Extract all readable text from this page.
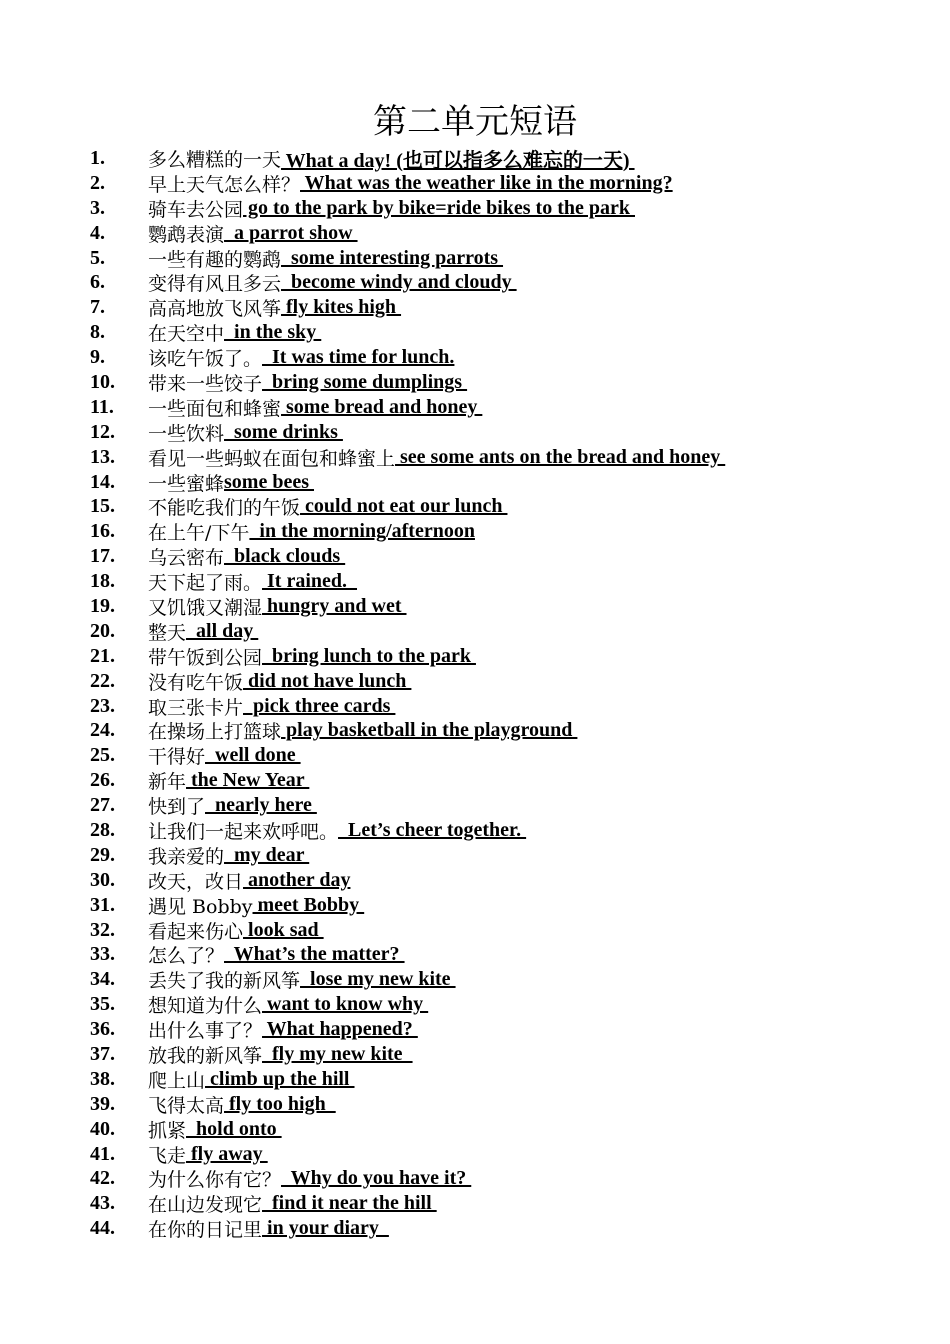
第二单元短语
1.	多么糟糕的一天 What a day! (也可以指多么难忘的一天)
2.	早上天气怎么样？ What was the weather like in the morning?
3.	骑车去公园 go to the park by bike=ride bikes to the park
4.	鹦鹉表演 a parrot show
5.	一些有趣的鹦鹉 some interesting parrots
6.	变得有风且多云 become windy and cloudy
7.	高高地放飞风筝 fly kites high
8.	在天空中 in the sky
9.	该吃午饭了。 It was time for lunch.
10.	带来一些饺子 bring some dumplings
11.	一些面包和蜂蜜 some bread and honey
12.	一些饮料 some drinks
13.	看见一些蚂蚁在面包和蜂蜜上 see some ants on the bread and honey
14.	一些蜜蜂 some bees
15.	不能吃我们的午饭 could not eat our lunch
16.	在上午/下午 in the morning/afternoon
17.	乌云密布 black clouds
18.	天下起了雨。 It rained.
19.	又饥饿又潮湿 hungry and wet
20.	整天 all day
21.	带午饭到公园 bring lunch to the park
22.	没有吃午饭 did not have lunch
23.	取三张卡片 pick three cards
24.	在操场上打篮球 play basketball in the playground
25.	干得好 well done
26.	新年 the New Year
27.	快到了 nearly here
28.	让我们一起来欢呼吧。 Let’s cheer together.
29.	我亲爱的 my dear
30.	改天，改日 another day
31.	遇见 Bobby meet Bobby
32.	看起来伤心 look sad
33.	怎么了？ What’s the matter?
34.	丢失了我的新风筝 lose my new kite
35.	想知道为什么 want to know why
36.	出什么事了？ What happened?
37.	放我的新风筝 fly my new kite
38.	爬上山 climb up the hill
39.	飞得太高 fly too high
40.	抓紧 hold onto
41.	飞走 fly away
42.	为什么你有它？ Why do you have it?
43.	在山边发现它 find it near the hill
44.	在你的日记里 in your diary
